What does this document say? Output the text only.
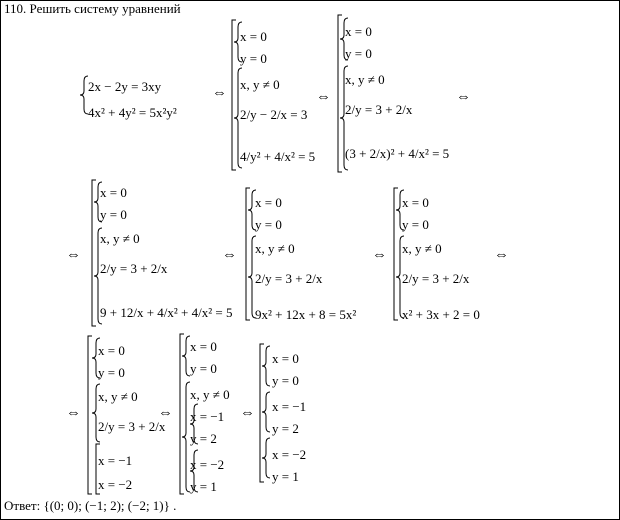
110. Решить систему уравнений
2x − 2y = 3xy
4x² + 4y² = 5x²y²
x = 0
y = 0
x, y ≠ 0
2/y − 2/x = 3
4/y² + 4/x² = 5
x = 0
y = 0
x, y ≠ 0
2/y = 3 + 2/x
(3 + 2/x)² + 4/x² = 5
x = 0
y = 0
x, y ≠ 0
2/y = 3 + 2/x
9 + 12/x + 4/x² + 4/x² = 5
x = 0
y = 0
x, y ≠ 0
2/y = 3 + 2/x
9x² + 12x + 8 = 5x²
x = 0
y = 0
x, y ≠ 0
2/y = 3 + 2/x
x² + 3x + 2 = 0
x = 0
y = 0
x, y ≠ 0
2/y = 3 + 2/x
x = −1
x = −2
x = 0
y = 0
x, y ≠ 0
x = −1
y = 2
x = −2
y = 1
x = 0
y = 0
x = −1
y = 2
x = −2
y = 1
⇔	⇔	⇔
⇔	⇔	⇔	⇔
⇔	⇔	⇔
Ответ: {(0; 0); (−1; 2); (−2; 1)} .
